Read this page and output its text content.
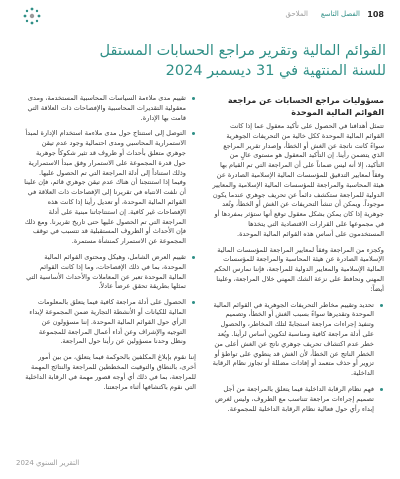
108
الفصل التاسع
الملاحق
القوائم المالية وتقرير مراجع الحسابات المستقل
للسنة المنتهية في 31 ديسمبر 2024
مسؤوليات مراجع الحسابات عن مراجعة
القوائم المالية الموحدة

تتمثل أهدافنا في الحصول على تأكيد معقول عما إذا كانت القوائم المالية الموحدة ككل خالية من التحريفات الجوهرية سواءً كانت ناتجة عن الغش أو الخطأ، وإصدار تقرير المراجع الذي يتضمن رأينا. إن التأكيد المعقول هو مستوى عالٍ من التأكيد، إلا أنه ليس ضماناً على أن المراجعة التي تم القيام بها وفقاً لمعايير التدقيق للمؤسسات المالية الإسلامية الصادرة عن هيئة المحاسبة والمراجعة للمؤسسات المالية الإسلامية والمعايير الدولية للمراجعة ستكشف دائماً عن تحريف جوهري عندما يكون موجوداً. ويمكن أن تنشأ التحريفات عن الغش أو الخطأ، وتُعد جوهرية إذا كان يمكن بشكل معقول توقع أنها ستؤثر بمفردها أو في مجموعها على القرارات الاقتصادية التي يتخذها المستخدمون على أساس هذه القوائم المالية الموحدة.

وكجزء من المراجعة وفقاً لمعايير المراجعة للمؤسسات المالية الإسلامية الصادرة عن هيئة المحاسبة والمراجعة للمؤسسات المالية الإسلامية والمعايير الدولية للمراجعة، فإننا نمارس الحكم المهني ونحافظ على نزعة الشك المهني خلال المراجعة، وعلينا أيضاً:

تحديد وتقييم مخاطر التحريفات الجوهرية في القوائم المالية الموحدة وتقديرها سواءً بسبب الغش أو الخطأ، وتصميم وتنفيذ إجراءات مراجعة استجابةً لتلك المخاطر، والحصول على أدلة مراجعة كافية ومناسبة لتكوين أساس لرأينا. ويُعد خطر عدم اكتشاف تحريف جوهري ناتج عن الغش أعلى من الخطر الناتج عن الخطأ، لأن الغش قد ينطوي على تواطؤ أو تزوير أو حذف متعمد أو إفادات مضللة أو تجاوز نظام الرقابة الداخلية.
فهم نظام الرقابة الداخلية فيما يتعلق بالمراجعة من أجل تصميم إجراءات مراجعة تتناسب مع الظروف، وليس لغرض إبداء رأي حول فعالية نظام الرقابة الداخلية للمجموعة.
تقييم مدى ملاءمة السياسات المحاسبية المستخدمة، ومدى معقولية التقديرات المحاسبية والإفصاحات ذات العلاقة التي قامت بها الإدارة.
التوصل إلى استنتاج حول مدى ملاءمة استخدام الإدارة لمبدأ الاستمرارية المحاسبي ومدى احتمالية وجود عدم تيقن جوهري متعلق بأحداث أو ظروف قد تثير شكوكاً جوهرية حول قدرة المجموعة على الاستمرار وفق مبدأ الاستمرارية وذلك استناداً إلى أدلة المراجعة التي تم الحصول عليها. وفيما إذا استنتجنا أن هناك عدم تيقن جوهري قائم، فإن علينا أن نلفت الانتباه في تقريرنا إلى الإفصاحات ذات العلاقة في القوائم المالية الموحدة، أو تعديل رأينا إذا كانت هذه الإفصاحات غير كافية. إن استنتاجاتنا مبنية على أدلة المراجعة التي تم الحصول عليها حتى تاريخ تقريرنا. ومع ذلك فإن الأحداث أو الظروف المستقبلية قد تتسبب في توقف المجموعة عن الاستمرار كمنشأة مستمرة.
تقييم العرض الشامل، وهيكل ومحتوى القوائم المالية الموحدة، بما في ذلك الإفصاحات، وما إذا كانت القوائم المالية الموحدة تعبر عن المعاملات والأحداث الأساسية التي تمثلها بطريقة تحقق عرضاً عادلاً.
الحصول على أدلة مراجعة كافية فيما يتعلق بالمعلومات المالية للكيانات أو الأنشطة التجارية ضمن المجموعة لإبداء الرأي حول القوائم المالية الموحدة. إننا مسؤولون عن التوجيه والإشراف وعن أداء أعمال المراجعة للمجموعة ونظل وحدنا مسؤولين عن رأينا حول المراجعة.

إننا نقوم بإبلاغ المكلفين بالحوكمة فيما يتعلق، من بين أمور أخرى، بالنطاق والتوقيت المخططين للمراجعة والنتائج المهمة للمراجعة، بما في ذلك أي أوجه قصور مهمة في الرقابة الداخلية التي نقوم باكتشافها أثناء مراجعتنا.

التقرير السنوي 2024
